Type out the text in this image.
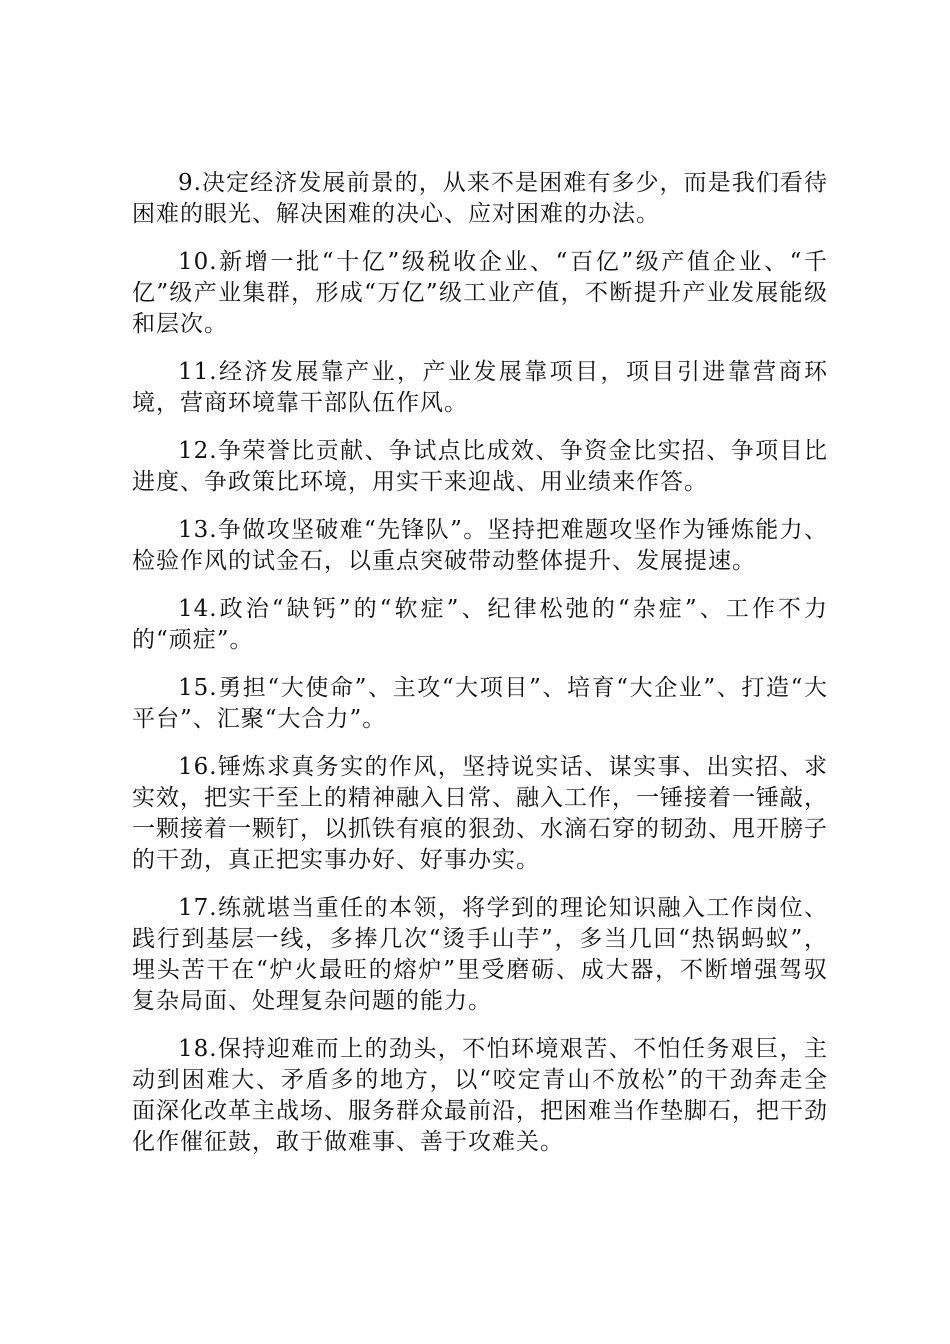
9.决定经济发展前景的，从来不是困难有多少，而是我们看待困难的眼光、解决困难的决心、应对困难的办法。

10.新增一批“十亿”级税收企业、“百亿”级产值企业、“千亿”级产业集群，形成“万亿”级工业产值，不断提升产业发展能级和层次。

11.经济发展靠产业，产业发展靠项目，项目引进靠营商环境，营商环境靠干部队伍作风。

12.争荣誉比贡献、争试点比成效、争资金比实招、争项目比进度、争政策比环境，用实干来迎战、用业绩来作答。

13.争做攻坚破难“先锋队”。坚持把难题攻坚作为锤炼能力、检验作风的试金石，以重点突破带动整体提升、发展提速。

14.政治“缺钙”的“软症”、纪律松弛的“杂症”、工作不力的“顽症”。

15.勇担“大使命”、主攻“大项目”、培育“大企业”、打造“大平台”、汇聚“大合力”。

16.锤炼求真务实的作风，坚持说实话、谋实事、出实招、求实效，把实干至上的精神融入日常、融入工作，一锤接着一锤敲，一颗接着一颗钉，以抓铁有痕的狠劲、水滴石穿的韧劲、甩开膀子的干劲，真正把实事办好、好事办实。

17.练就堪当重任的本领，将学到的理论知识融入工作岗位、践行到基层一线，多捧几次“烫手山芋”，多当几回“热锅蚂蚁”，埋头苦干在“炉火最旺的熔炉”里受磨砺、成大器，不断增强驾驭复杂局面、处理复杂问题的能力。

18.保持迎难而上的劲头，不怕环境艰苦、不怕任务艰巨，主动到困难大、矛盾多的地方，以“咬定青山不放松”的干劲奔走全面深化改革主战场、服务群众最前沿，把困难当作垫脚石，把干劲化作催征鼓，敢于做难事、善于攻难关。
